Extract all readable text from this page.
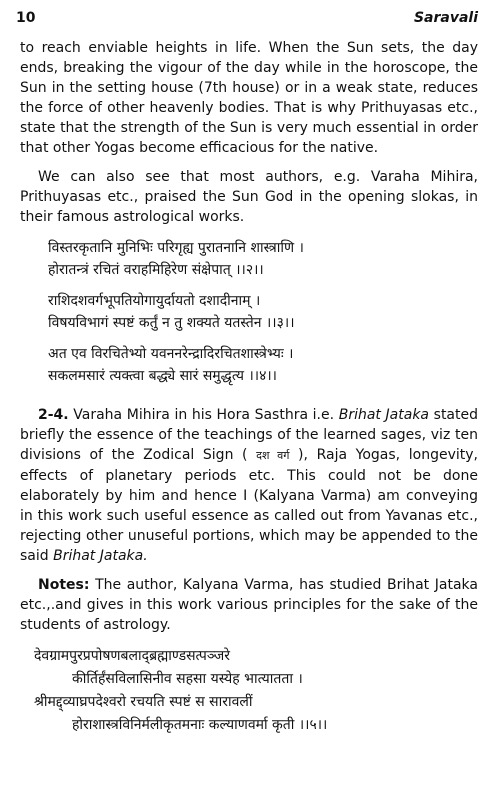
10	Saravali

to reach enviable heights in life. When the Sun sets, the day ends, breaking the vigour of the day while in the horoscope, the Sun in the setting house (7th house) or in a weak state, reduces the force of other heavenly bodies. That is why Prithuyasas etc., state that the strength of the Sun is very much essential in order that other Yogas become efficacious for the native.

We can also see that most authors, e.g. Varaha Mihira, Prithuyasas etc., praised the Sun God in the opening slokas, in their famous astrological works.

विस्तरकृतानि मुनिभिः परिगृह्य पुरातनानि शास्त्राणि ।
होरातन्त्रं रचितं वराहमिहिरेण संक्षेपात् ।।२।।
राशिदशवर्गभूपतियोगायुर्दायतो दशादीनाम् ।
विषयविभागं स्पष्टं कर्तुं न तु शक्यते यतस्तेन ।।३।।
अत एव विरचितेभ्यो यवननरेन्द्रादिरचितशास्त्रेभ्यः ।
सकलमसारं त्यक्त्वा बद्ध्ये सारं समुद्धृत्य ।।४।।

2-4. Varaha Mihira in his Hora Sasthra i.e. Brihat Jataka stated briefly the essence of the teachings of the learned sages, viz ten divisions of the Zodical Sign ( दश वर्ग ), Raja Yogas, longevity, effects of planetary periods etc. This could not be done elaborately by him and hence I (Kalyana Varma) am conveying in this work such useful essence as called out from Yavanas etc., rejecting other unuseful portions, which may be appended to the said Brihat Jataka.

Notes: The author, Kalyana Varma, has studied Brihat Jataka etc.,.and gives in this work various principles for the sake of the students of astrology.

देवग्रामपुरप्रपोषणबलाद्ब्रह्माण्डसत्पञ्जरे
कीर्तिर्हंसविलासिनीव सहसा यस्येह भात्यातता ।
श्रीमद्द्व्याघ्रपदेश्वरो रचयति स्पष्टं स सारावलीं
होराशास्त्रविनिर्मलीकृतमनाः कल्याणवर्मा कृती ।।५।।
